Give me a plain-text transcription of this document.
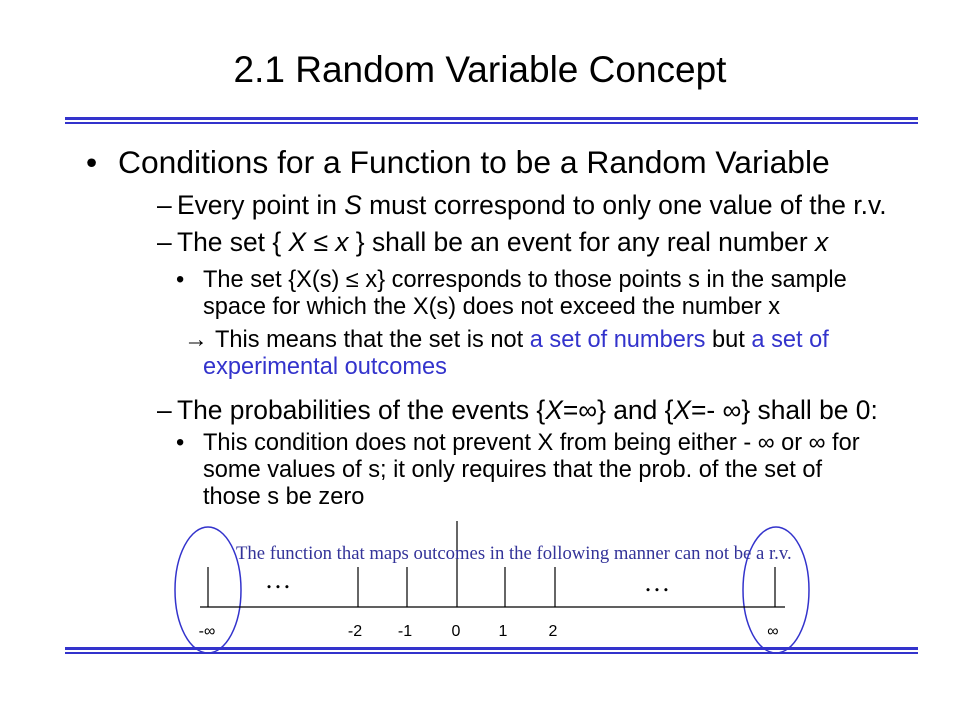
2.1 Random Variable Concept
• Conditions for a Function to be a Random Variable
– Every point in S must correspond to only one value of the r.v.
– The set { X ≤ x } shall be an event for any real number x
• The set {X(s) ≤ x} corresponds to those points s in the sample
space for which the X(s) does not exceed the number x
→ This means that the set is not a set of numbers but a set of
experimental outcomes
– The probabilities of the events {X=∞} and {X=- ∞} shall be 0:
• This condition does not prevent X from being either - ∞ or ∞ for
some values of s; it only requires that the prob. of the set of
those s be zero
The function that maps outcomes in the following manner can not be a r.v.
…	…
-∞	-2 -1 0 1	2	∞
